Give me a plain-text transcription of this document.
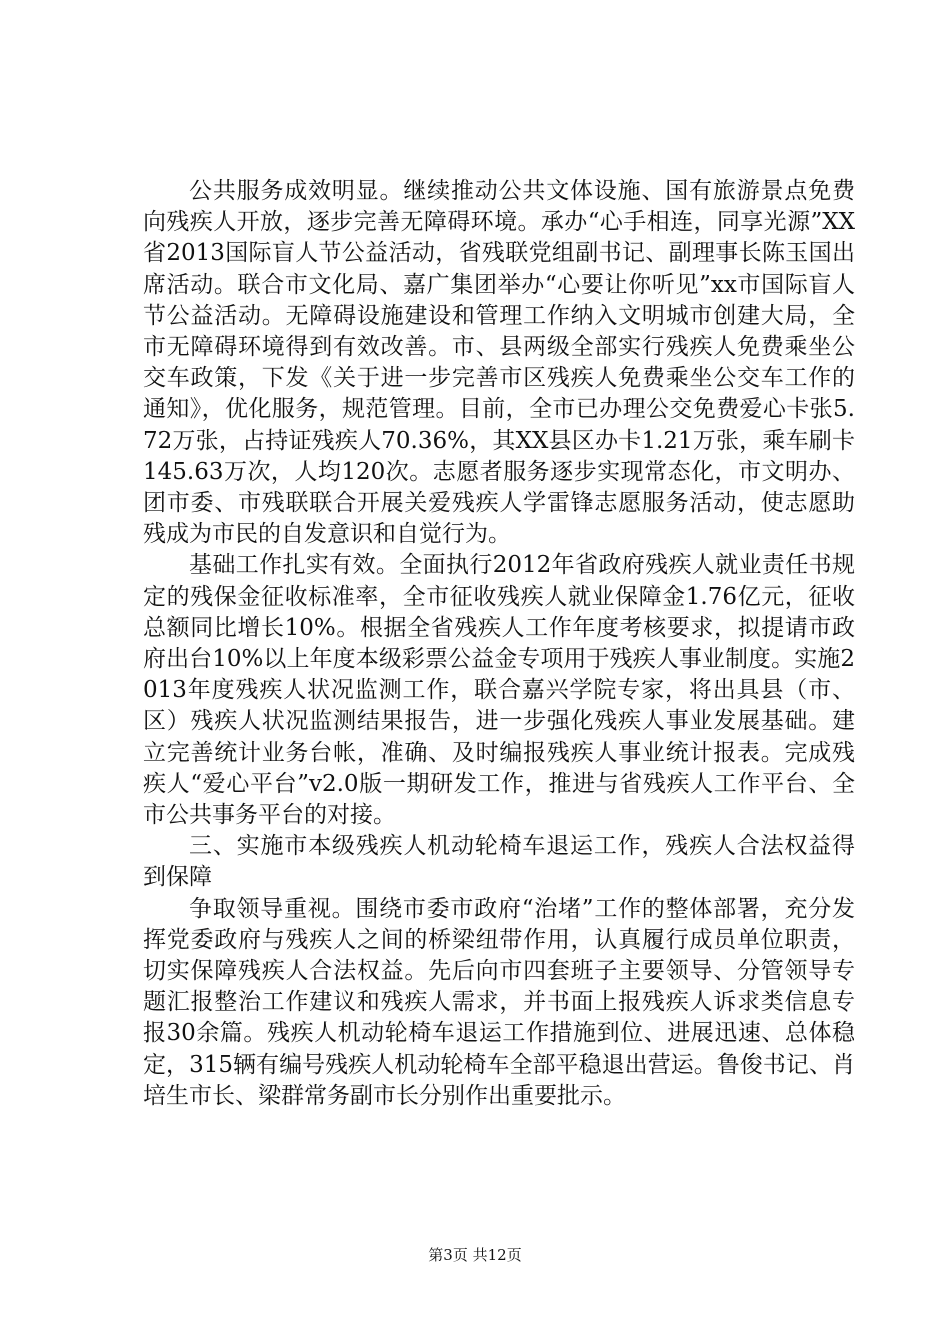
公共服务成效明显。继续推动公共文体设施、国有旅游景点免费向残疾人开放，逐步完善无障碍环境。承办“心手相连，同享光源”XX省2013国际盲人节公益活动，省残联党组副书记、副理事长陈玉国出席活动。联合市文化局、嘉广集团举办“心要让你听见”xx市国际盲人节公益活动。无障碍设施建设和管理工作纳入文明城市创建大局，全市无障碍环境得到有效改善。市、县两级全部实行残疾人免费乘坐公交车政策，下发《关于进一步完善市区残疾人免费乘坐公交车工作的通知》，优化服务，规范管理。目前，全市已办理公交免费爱心卡张5.72万张，占持证残疾人70.36%，其XX县区办卡1.21万张，乘车刷卡145.63万次，人均120次。志愿者服务逐步实现常态化，市文明办、团市委、市残联联合开展关爱残疾人学雷锋志愿服务活动，使志愿助残成为市民的自发意识和自觉行为。

基础工作扎实有效。全面执行2012年省政府残疾人就业责任书规定的残保金征收标准率，全市征收残疾人就业保障金1.76亿元，征收总额同比增长10%。根据全省残疾人工作年度考核要求，拟提请市政府出台10%以上年度本级彩票公益金专项用于残疾人事业制度。实施2013年度残疾人状况监测工作，联合嘉兴学院专家，将出具县（市、区）残疾人状况监测结果报告，进一步强化残疾人事业发展基础。建立完善统计业务台帐，准确、及时编报残疾人事业统计报表。完成残疾人“爱心平台”v2.0版一期研发工作，推进与省残疾人工作平台、全市公共事务平台的对接。

三、实施市本级残疾人机动轮椅车退运工作，残疾人合法权益得到保障

争取领导重视。围绕市委市政府“治堵”工作的整体部署，充分发挥党委政府与残疾人之间的桥梁纽带作用，认真履行成员单位职责，切实保障残疾人合法权益。先后向市四套班子主要领导、分管领导专题汇报整治工作建议和残疾人需求，并书面上报残疾人诉求类信息专报30余篇。残疾人机动轮椅车退运工作措施到位、进展迅速、总体稳定，315辆有编号残疾人机动轮椅车全部平稳退出营运。鲁俊书记、肖培生市长、梁群常务副市长分别作出重要批示。

第3页 共12页
